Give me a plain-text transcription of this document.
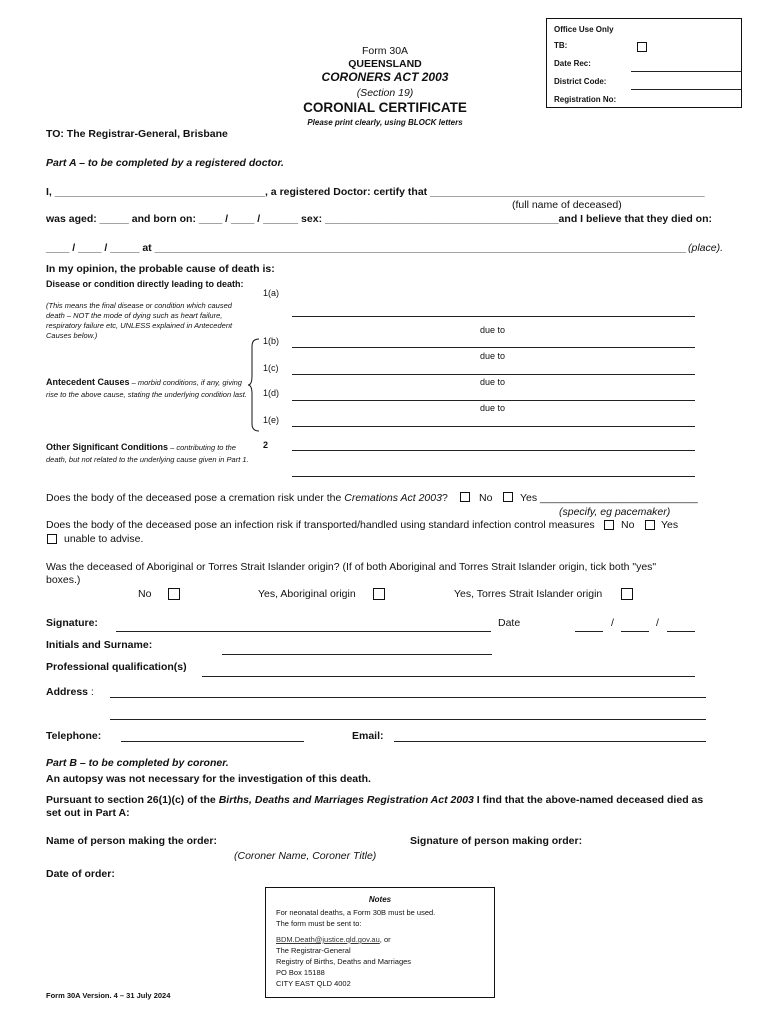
Office Use Only
TB:
Date Rec:
District Code:
Registration No:
Form 30A
QUEENSLAND
CORONERS ACT 2003
(Section 19)
CORONIAL CERTIFICATE
Please print clearly, using BLOCK letters
TO: The Registrar-General, Brisbane
Part A – to be completed by a registered doctor.
I, ____________________________________, a registered Doctor: certify that _______________________________________________
(full name of deceased)
was aged: _____ and born on: ____ / ____ / ______ sex: ________________________________________and I believe that they died on:
____ / ____ / _____ at ___________________________________________________________________________________________ (place).
In my opinion, the probable cause of death is:
Disease or condition directly leading to death:
(This means the final disease or condition which caused death – NOT the mode of dying such as heart failure, respiratory failure etc, UNLESS explained in Antecedent Causes below.)
1(a)
due to
1(b)
due to
1(c)
due to
Antecedent Causes – morbid conditions, if any, giving rise to the above cause, stating the underlying condition last.	1(d)
due to
1(e)
Other Significant Conditions – contributing to the death, but not related to the underlying cause given in Part 1.
2
Does the body of the deceased pose a cremation risk under the Cremations Act 2003?	No	Yes ___________________________
(specify, eg pacemaker)
Does the body of the deceased pose an infection risk if transported/handled using standard infection control measures	No	Yes
unable to advise.
Was the deceased of Aboriginal or Torres Strait Islander origin? (If of both Aboriginal and Torres Strait Islander origin, tick both "yes" boxes.)
No	Yes, Aboriginal origin	Yes, Torres Strait Islander origin
Signature:	Date	/	/
Initials and Surname:
Professional qualification(s)
Address :
Telephone:	Email:
Part B – to be completed by coroner.
An autopsy was not necessary for the investigation of this death.
Pursuant to section 26(1)(c) of the Births, Deaths and Marriages Registration Act 2003 I find that the above-named deceased died as set out in Part A:
Name of person making the order:	Signature of person making order:
(Coroner Name, Coroner Title)
Date of order:
Notes
For neonatal deaths, a Form 30B must be used.
The form must be sent to:
BDM.Death@justice.qld.gov.au, or
The Registrar-General
Registry of Births, Deaths and Marriages
PO Box 15188
CITY EAST QLD 4002
Form 30A Version. 4 – 31 July 2024
